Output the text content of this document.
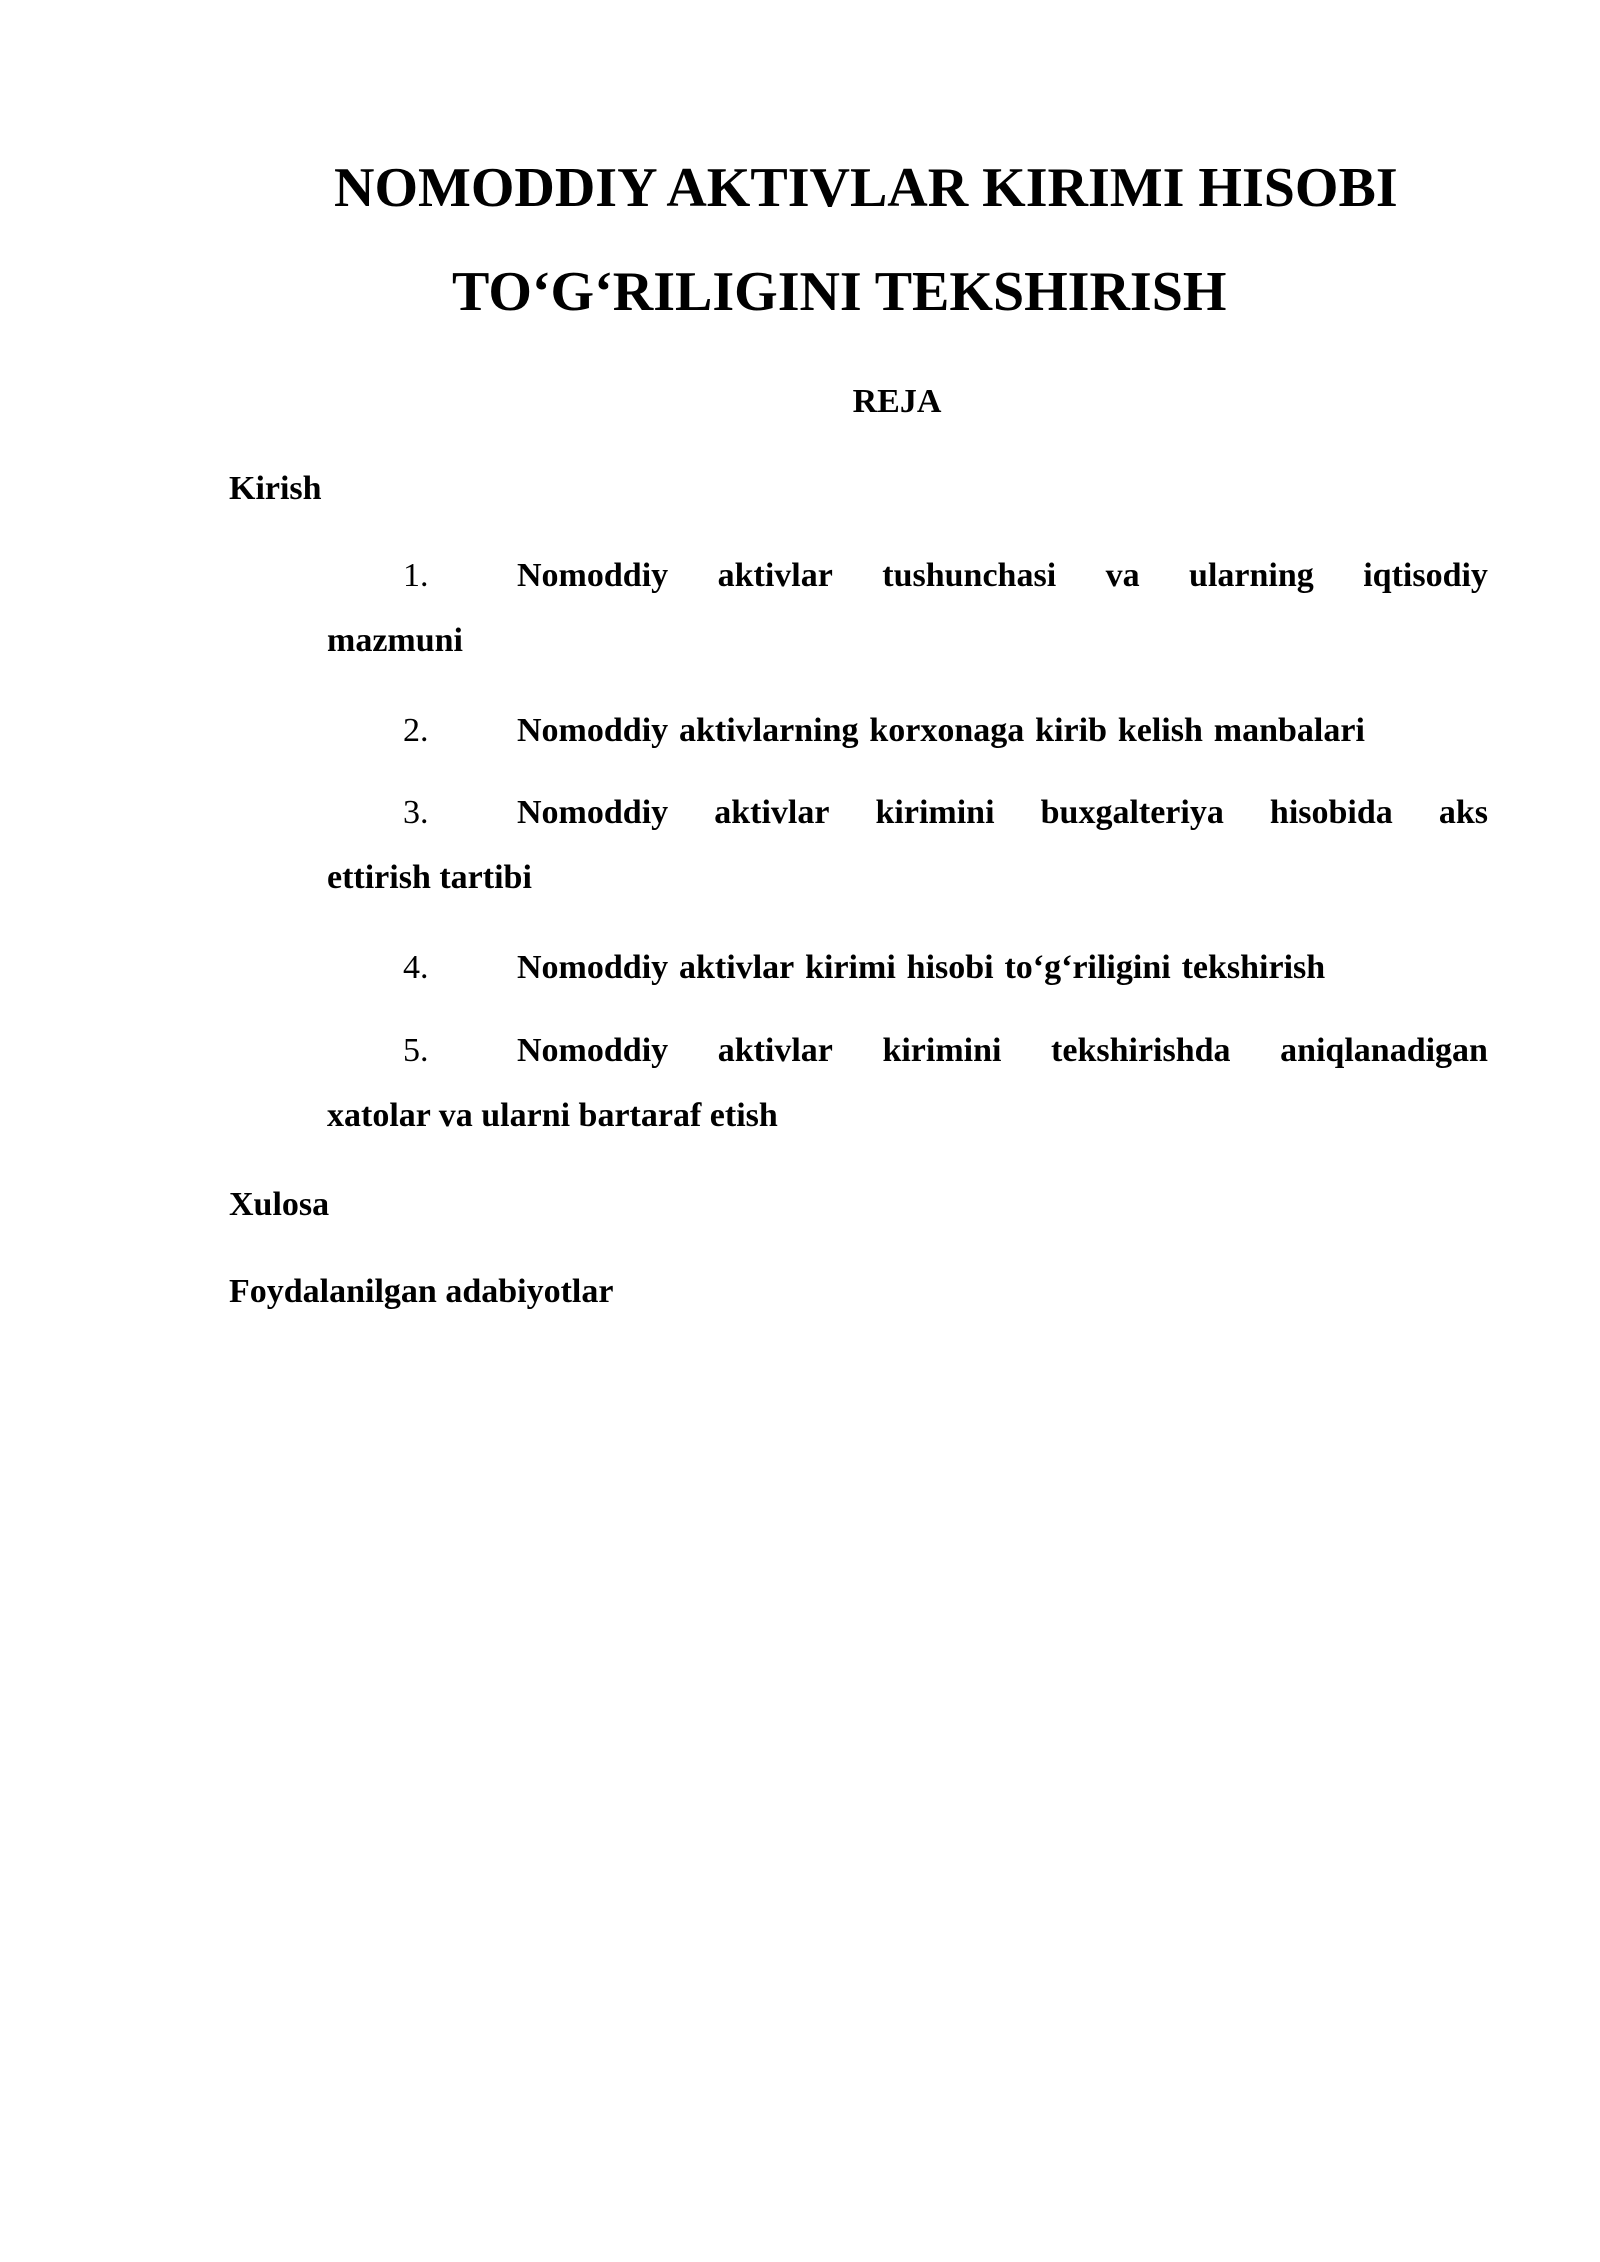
NOMODDIY AKTIVLAR KIRIMI HISOBI
TO‘G‘RILIGINI TEKSHIRISH
REJA
Kirish
1.	Nomoddiy aktivlar tushunchasi va ularning iqtisodiy
mazmuni
2.	Nomoddiy aktivlarning korxonaga kirib kelish manbalari
3.	Nomoddiy aktivlar kirimini buxgalteriya hisobida aks
ettirish tartibi
4.	Nomoddiy aktivlar kirimi hisobi to‘g‘riligini tekshirish
5.	Nomoddiy aktivlar kirimini tekshirishda aniqlanadigan
xatolar va ularni bartaraf etish
Xulosa
Foydalanilgan adabiyotlar
